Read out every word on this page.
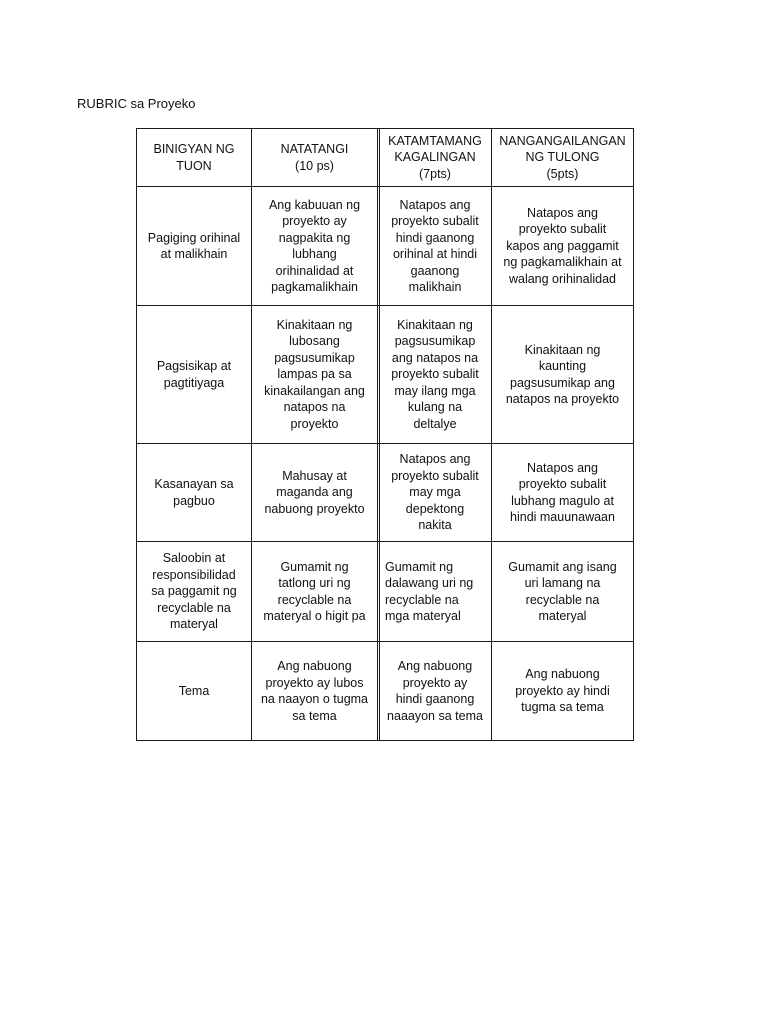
RUBRIC sa Proyeko
BINIGYAN NG
TUON
NATATANGI
(10 ps)
KATAMTAMANG
KAGALINGAN
(7pts)
NANGANGAILANGAN
NG TULONG
(5pts)
Pagiging orihinal
at malikhain
Ang kabuuan ng
proyekto ay
nagpakita ng
lubhang
orihinalidad at
pagkamalikhain
Natapos ang
proyekto subalit
hindi gaanong
orihinal at hindi
gaanong
malikhain
Natapos ang
proyekto subalit
kapos ang paggamit
ng pagkamalikhain at
walang orihinalidad
Pagsisikap at
pagtitiyaga
Kinakitaan ng
lubosang
pagsusumikap
lampas pa sa
kinakailangan ang
natapos na
proyekto
Kinakitaan ng
pagsusumikap
ang natapos na
proyekto subalit
may ilang mga
kulang na
deltalye
Kinakitaan ng
kaunting
pagsusumikap ang
natapos na proyekto
Kasanayan sa
pagbuo
Mahusay at
maganda ang
nabuong proyekto
Natapos ang
proyekto subalit
may mga
depektong
nakita
Natapos ang
proyekto subalit
lubhang magulo at
hindi mauunawaan
Saloobin at
responsibilidad
sa paggamit ng
recyclable na
materyal
Gumamit ng
tatlong uri ng
recyclable na
materyal o higit pa
Gumamit ng
dalawang uri ng
recyclable na
mga materyal
Gumamit ang isang
uri lamang na
recyclable na
materyal
Tema
Ang nabuong
proyekto ay lubos
na naayon o tugma
sa tema
Ang nabuong
proyekto ay
hindi gaanong
naaayon sa tema
Ang nabuong
proyekto ay hindi
tugma sa tema
